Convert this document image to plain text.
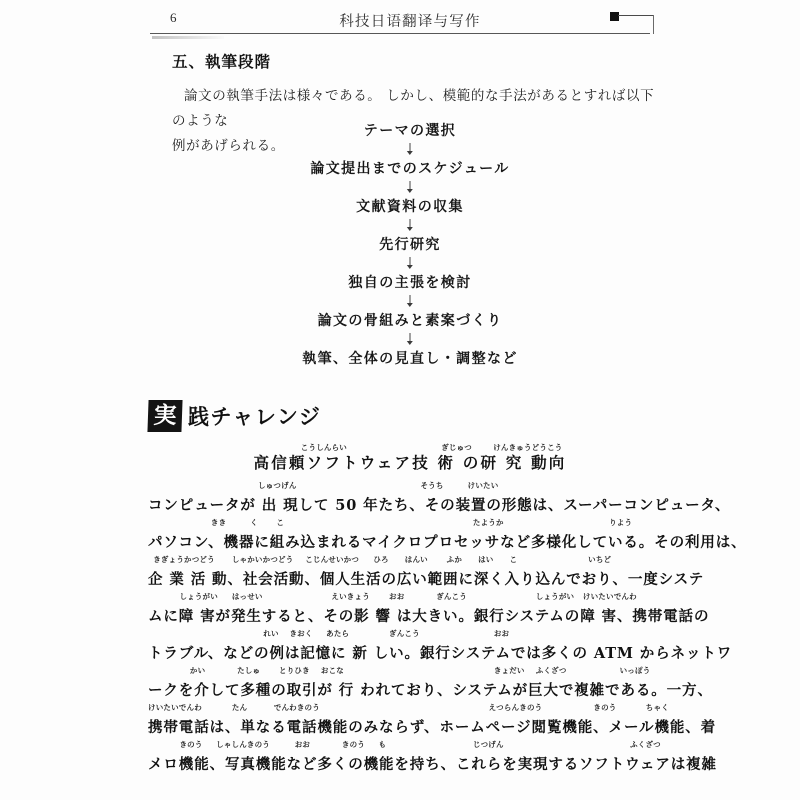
6	科技日语翻译与写作
五、執筆段階
論文の執筆手法は様々である。 しかし、模範的な手法があるとすれば以下のような
例があげられる。
テーマの選択
論文提出までのスケジュール
文献資料の収集
先行研究
独自の主張を検討
論文の骨組みと素案づくり
執筆、全体の見直し・調整など
実 践チャレンジ
こうしんらい	ぎじゅつ	けんきゅうどうこう
高信頼ソフトウェア技 術 の研 究 動向
しゅつげん	そうち	けいたい
コンピュータが 出 現して 50 年たち、その装置の形態は、スーパーコンピュータ、
きき	く こ	たようか	りよう
パソコン、機器に組み込まれるマイクロプロセッサなど多様化している。その利用は、
きぎょうかつどう しゃかいかつどう こじんせいかつ ひろ はんい	ふか はい こ	いちど
企 業 活 動、社会活動、個人生活の広い範囲に深く入り込んでおり、一度システ
しょうがい はっせい	えいきょう	おお	ぎんこう	しょうがい けいたいでんわ
ムに障 害が発生すると、その影 響 は大きい。銀行システムの障 害、携帯電話の
れい きおく あたら	ぎんこう	おお
トラブル、などの例は記憶に 新 しい。銀行システムでは多くの ATM からネットワ
かい	たしゅ	とりひき おこな	きょだい ふくざつ	いっぽう
ークを介して多種の取引が 行 われており、システムが巨大で複雑である。一方、
けいたいでんわ	たん	でんわきのう	えつらんきのう	きのう	ちゃく
携帯電話は、単なる電話機能のみならず、ホームページ閲覧機能、メール機能、着
きのう しゃしんきのう	おお	きのう も	じつげん	ふくざつ
メロ機能、写真機能など多くの機能を持ち、これらを実現するソフトウェアは複雑
